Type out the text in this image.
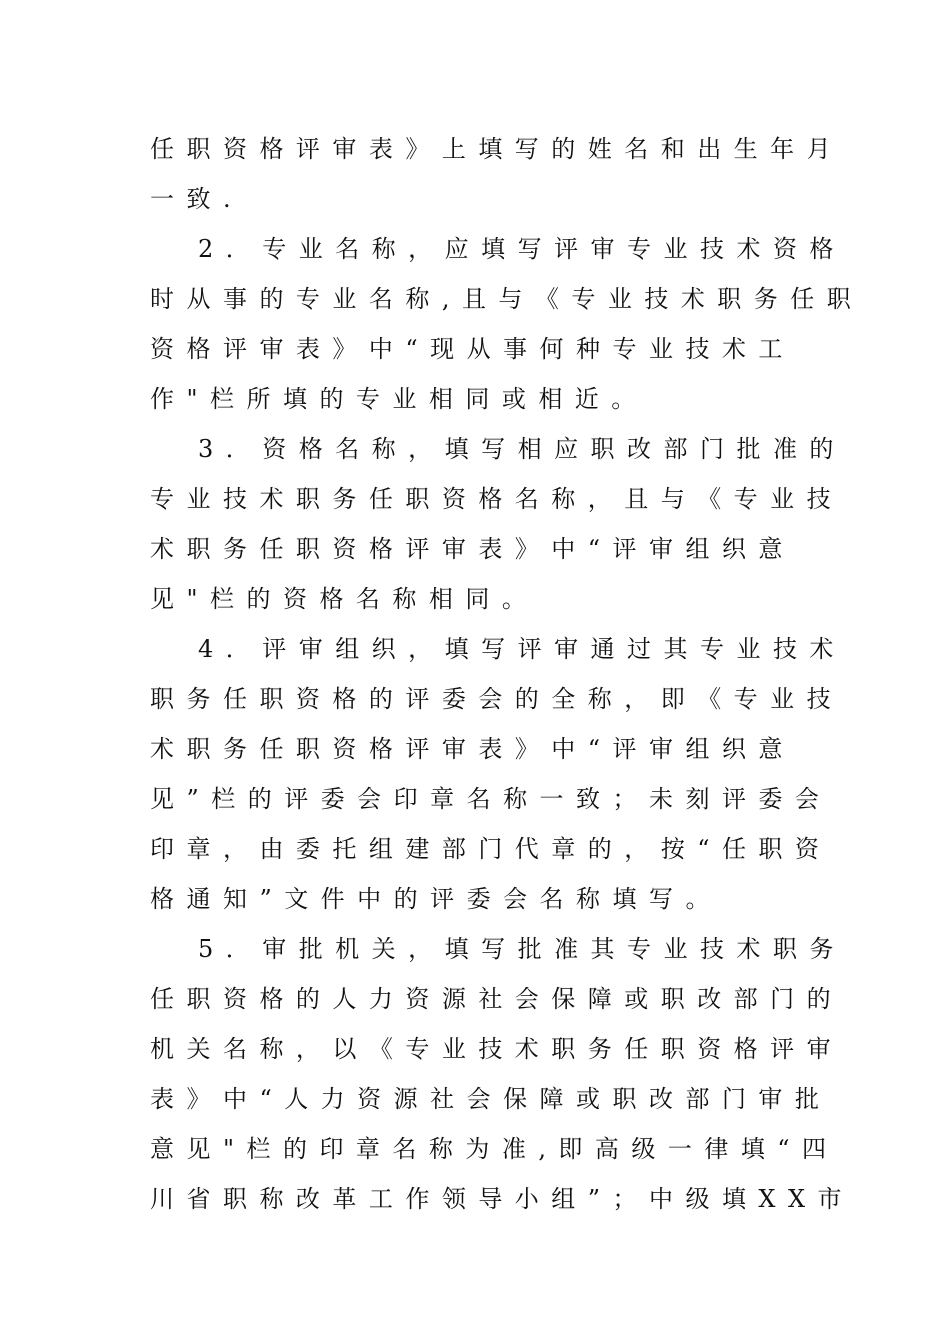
任职资格评审表》上填写的姓名和出生年月
一致.
2．专业名称，应填写评审专业技术资格
时从事的专业名称,且与《专业技术职务任职
资格评审表》中“现从事何种专业技术工
作"栏所填的专业相同或相近。
3．资格名称，填写相应职改部门批准的
专业技术职务任职资格名称，且与《专业技
术职务任职资格评审表》中“评审组织意
见"栏的资格名称相同。
4．评审组织，填写评审通过其专业技术
职务任职资格的评委会的全称，即《专业技
术职务任职资格评审表》中“评审组织意
见”栏的评委会印章名称一致；未刻评委会
印章，由委托组建部门代章的，按“任职资
格通知”文件中的评委会名称填写。
5．审批机关，填写批准其专业技术职务
任职资格的人力资源社会保障或职改部门的
机关名称，以《专业技术职务任职资格评审
表》中“人力资源社会保障或职改部门审批
意见"栏的印章名称为准,即高级一律填“四
川省职称改革工作领导小组”；中级填XX市
